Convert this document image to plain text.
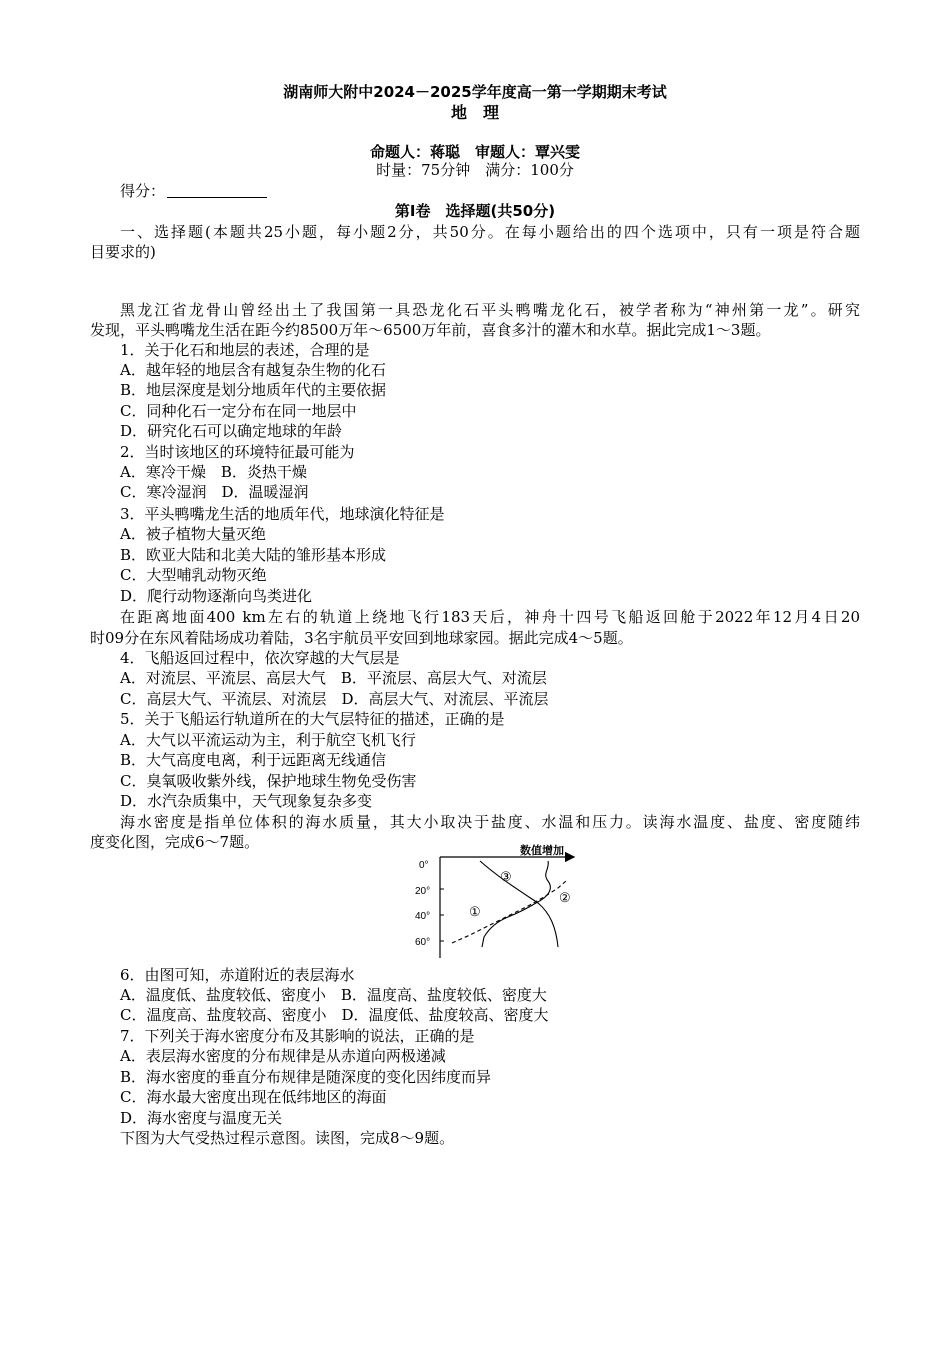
湖南师大附中2024－2025学年度高一第一学期期末考试
地　理
命题人：蒋聪　审题人：覃兴雯
时量：75分钟　满分：100分
得分：
第Ⅰ卷　选择题(共50分)
一、选择题(本题共25小题，每小题2分，共50分。在每小题给出的四个选项中，只有一项是符合题
目要求的)
黑龙江省龙骨山曾经出土了我国第一具恐龙化石平头鸭嘴龙化石，被学者称为“神州第一龙”。研究
发现，平头鸭嘴龙生活在距今约8500万年～6500万年前，喜食多汁的灌木和水草。据此完成1～3题。
1．关于化石和地层的表述，合理的是
A．越年轻的地层含有越复杂生物的化石
B．地层深度是划分地质年代的主要依据
C．同种化石一定分布在同一地层中
D．研究化石可以确定地球的年龄
2．当时该地区的环境特征最可能为
A．寒冷干燥　B．炎热干燥
C．寒冷湿润　D．温暖湿润
3．平头鸭嘴龙生活的地质年代，地球演化特征是
A．被子植物大量灭绝
B．欧亚大陆和北美大陆的雏形基本形成
C．大型哺乳动物灭绝
D．爬行动物逐渐向鸟类进化
在距离地面400 km左右的轨道上绕地飞行183天后，神舟十四号飞船返回舱于2022年12月4日20
时09分在东风着陆场成功着陆，3名宇航员平安回到地球家园。据此完成4～5题。
4．飞船返回过程中，依次穿越的大气层是
A．对流层、平流层、高层大气　B．平流层、高层大气、对流层
C．高层大气、平流层、对流层　D．高层大气、对流层、平流层
5．关于飞船运行轨道所在的大气层特征的描述，正确的是
A．大气以平流运动为主，利于航空飞机飞行
B．大气高度电离，利于远距离无线通信
C．臭氧吸收紫外线，保护地球生物免受伤害
D．水汽杂质集中，天气现象复杂多变
海水密度是指单位体积的海水质量，其大小取决于盐度、水温和压力。读海水温度、盐度、密度随纬
度变化图，完成6～7题。	数值增加
0°
20°
40°
60°
①
②
③
6．由图可知，赤道附近的表层海水
A．温度低、盐度较低、密度小　B．温度高、盐度较低、密度大
C．温度高、盐度较高、密度小　D．温度低、盐度较高、密度大
7．下列关于海水密度分布及其影响的说法，正确的是
A．表层海水密度的分布规律是从赤道向两极递减
B．海水密度的垂直分布规律是随深度的变化因纬度而异
C．海水最大密度出现在低纬地区的海面
D．海水密度与温度无关
下图为大气受热过程示意图。读图，完成8～9题。
